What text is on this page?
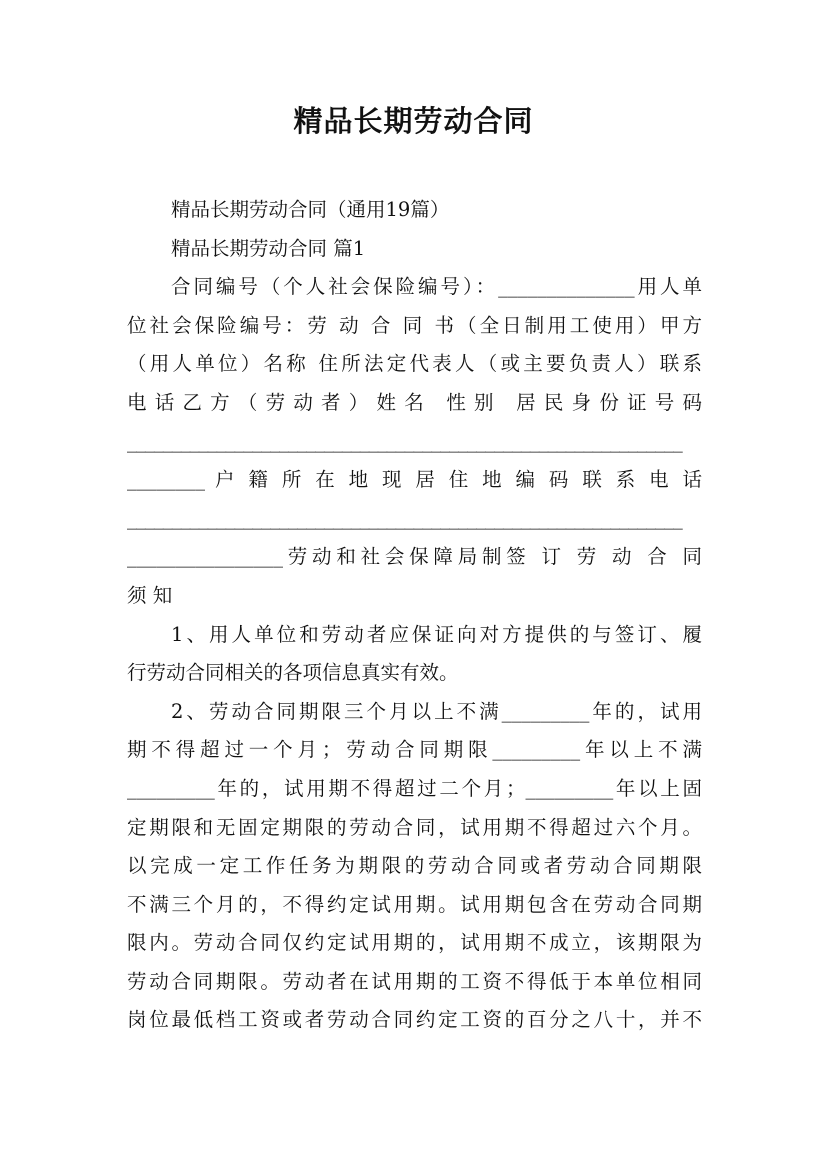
精品长期劳动合同
精品长期劳动合同（通用19篇）
精品长期劳动合同 篇1
合同编号（个人社会保险编号）：______________用人单
位社会保险编号：劳 动 合 同 书（全日制用工使用）甲方
（用人单位）名称 住所法定代表人（或主要负责人）联系
电话乙方（劳动者）姓名 性别 居民身份证号码
______________________________________________________________
________ 户 籍 所 在 地 现 居 住 地 编 码 联 系 电 话
______________________________________________________________
________________劳动和社会保障局制签 订 劳 动 合 同
须 知
1、用人单位和劳动者应保证向对方提供的与签订、履
行劳动合同相关的各项信息真实有效。
2、劳动合同期限三个月以上不满_________年的，试用
期不得超过一个月；劳动合同期限_________年以上不满
_________年的，试用期不得超过二个月；_________年以上固
定期限和无固定期限的劳动合同，试用期不得超过六个月。
以完成一定工作任务为期限的劳动合同或者劳动合同期限
不满三个月的，不得约定试用期。试用期包含在劳动合同期
限内。劳动合同仅约定试用期的，试用期不成立，该期限为
劳动合同期限。劳动者在试用期的工资不得低于本单位相同
岗位最低档工资或者劳动合同约定工资的百分之八十，并不
